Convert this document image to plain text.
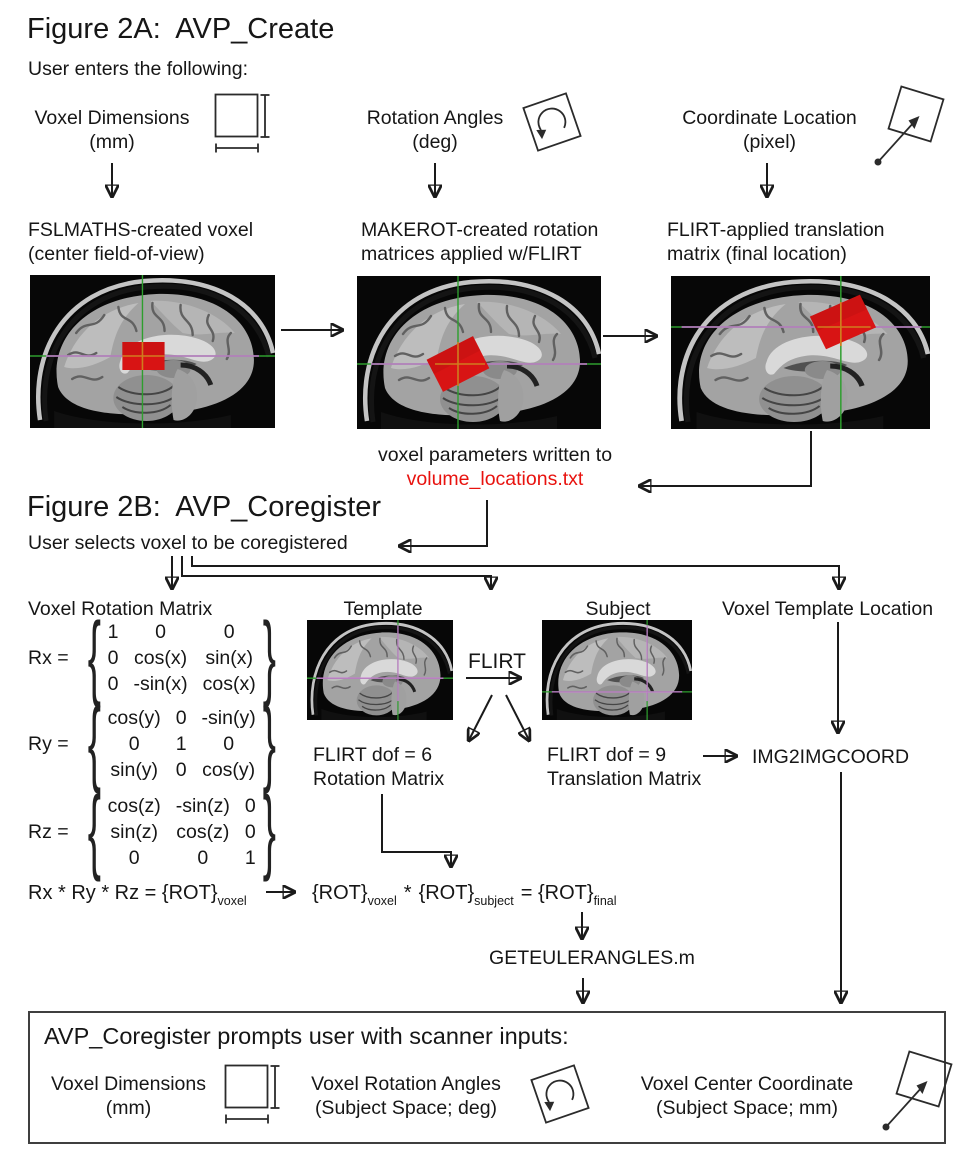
Figure 2A:  AVP_Create
User enters the following:
Voxel Dimensions
(mm)
Rotation Angles
(deg)
Coordinate Location
(pixel)
FSLMATHS-created voxel
(center field-of-view)
MAKEROT-created rotation
matrices applied w/FLIRT
FLIRT-applied translation
matrix (final location)
voxel parameters written to
volume_locations.txt
Figure 2B:  AVP_Coregister
User selects voxel to be coregistered
Voxel Rotation Matrix	Template	Subject	Voxel Template Location
FLIRT
FLIRT dof = 6
Rotation Matrix
FLIRT dof = 9
Translation Matrix
IMG2IMGCOORD
Rx = { 1 0	0
0 cos(x) sin(x)
0 -sin(x) cos(x) }
Ry = { cos(y) 0 -sin(y)
0 1 0
sin(y) 0 cos(y) }
Rz = { cos(z) -sin(z) 0
sin(z) cos(z) 0
0	0 1 }
$Rx * Ry * Rz = \{ROT\}_{voxel}$	$\{ROT\}_{voxel} * \{ROT\}_{subject} = \{ROT\}_{final}$
GETEULERANGLES.m
AVP_Coregister prompts user with scanner inputs:
Voxel Dimensions
(mm)
Voxel Rotation Angles
(Subject Space; deg)
Voxel Center Coordinate
(Subject Space; mm)
